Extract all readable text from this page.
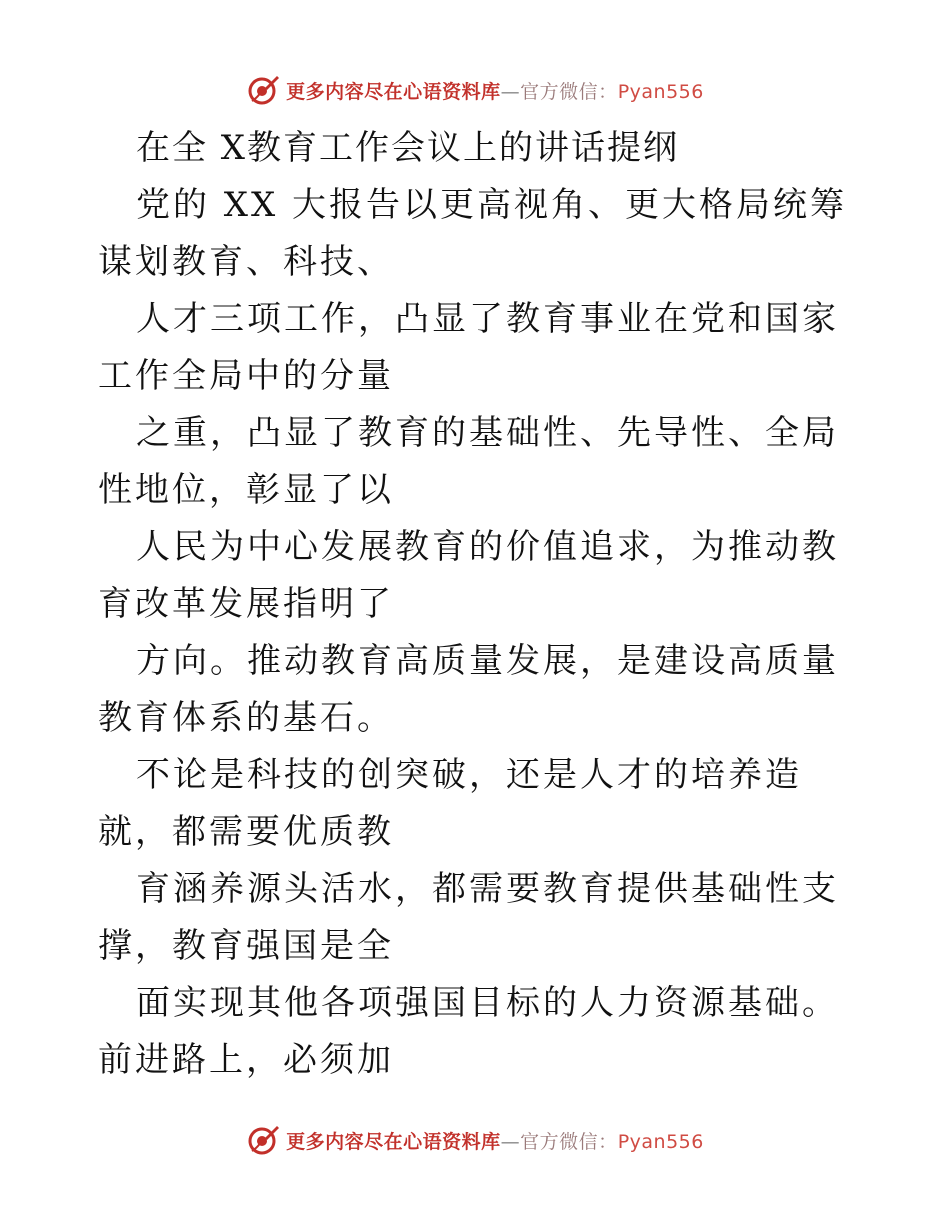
更多内容尽在心语资料库—官方微信：Pyan556

在全 X教育工作会议上的讲话提纲

党的 XX 大报告以更高视角、更大格局统筹谋划教育、科技、

人才三项工作，凸显了教育事业在党和国家工作全局中的分量

之重，凸显了教育的基础性、先导性、全局性地位，彰显了以

人民为中心发展教育的价值追求，为推动教育改革发展指明了

方向。推动教育高质量发展，是建设高质量教育体系的基石。

不论是科技的创突破，还是人才的培养造就，都需要优质教

育涵养源头活水，都需要教育提供基础性支撑，教育强国是全

面实现其他各项强国目标的人力资源基础。前进路上，必须加

更多内容尽在心语资料库—官方微信：Pyan556
